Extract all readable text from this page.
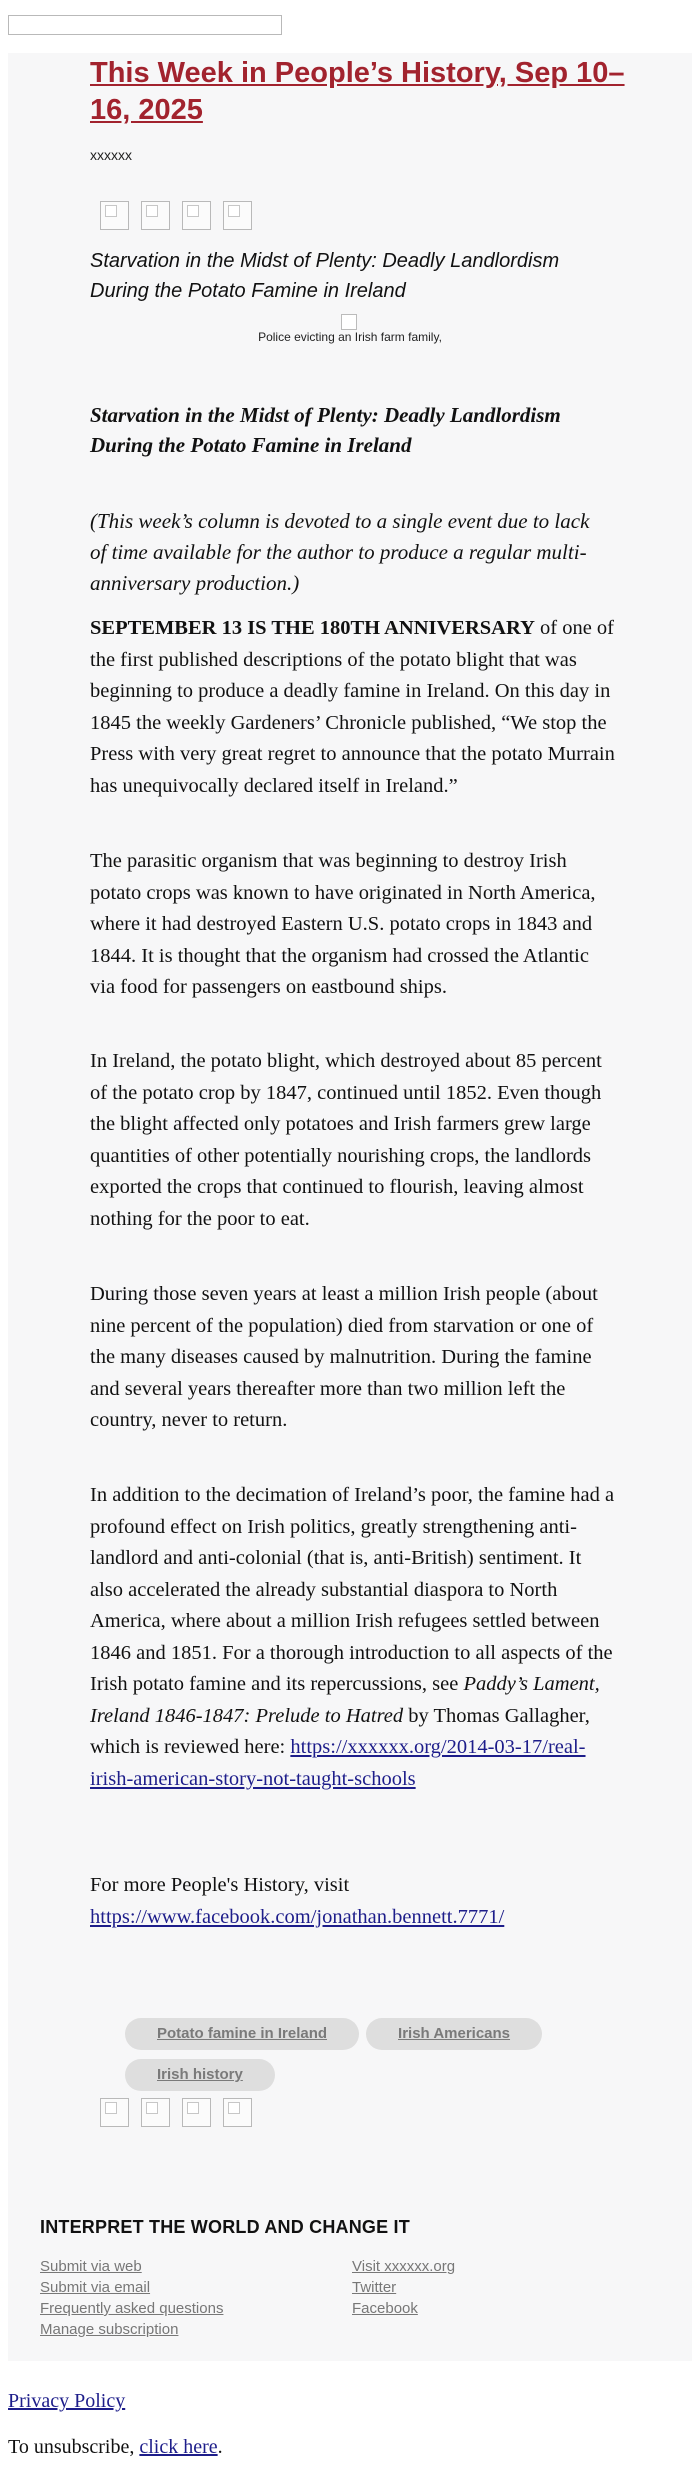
This Week in People’s History, Sep 10–16, 2025
xxxxxx
Starvation in the Midst of Plenty: Deadly Landlordism During the Potato Famine in Ireland
Police evicting an Irish farm family,
Starvation in the Midst of Plenty: Deadly Landlordism During the Potato Famine in Ireland
(This week’s column is devoted to a single event due to lack of time available for the author to produce a regular multi-anniversary production.)
SEPTEMBER 13 IS THE 180TH ANNIVERSARY of one of the first published descriptions of the potato blight that was beginning to produce a deadly famine in Ireland. On this day in 1845 the weekly Gardeners’ Chronicle published, “We stop the Press with very great regret to announce that the potato Murrain has unequivocally declared itself in Ireland.”
The parasitic organism that was beginning to destroy Irish potato crops was known to have originated in North America, where it had destroyed Eastern U.S. potato crops in 1843 and 1844. It is thought that the organism had crossed the Atlantic via food for passengers on eastbound ships.
In Ireland, the potato blight, which destroyed about 85 percent of the potato crop by 1847, continued until 1852. Even though the blight affected only potatoes and Irish farmers grew large quantities of other potentially nourishing crops, the landlords exported the crops that continued to flourish, leaving almost nothing for the poor to eat.
During those seven years at least a million Irish people (about nine percent of the population) died from starvation or one of the many diseases caused by malnutrition. During the famine and several years thereafter more than two million left the country, never to return.
In addition to the decimation of Ireland’s poor, the famine had a profound effect on Irish politics, greatly strengthening anti-landlord and anti-colonial (that is, anti-British) sentiment. It also accelerated the already substantial diaspora to North America, where about a million Irish refugees settled between 1846 and 1851. For a thorough introduction to all aspects of the Irish potato famine and its repercussions, see Paddy’s Lament, Ireland 1846-1847: Prelude to Hatred by Thomas Gallagher, which is reviewed here: https://xxxxxx.org/2014-03-17/real-irish-american-story-not-taught-schools
For more People's History, visit https://www.facebook.com/jonathan.bennett.7771/
Potato famine in Ireland	Irish Americans
Irish history
INTERPRET THE WORLD AND CHANGE IT
Submit via web
Submit via email
Frequently asked questions
Manage subscription
Visit xxxxxx.org
Twitter
Facebook
Privacy Policy
To unsubscribe, click here.
